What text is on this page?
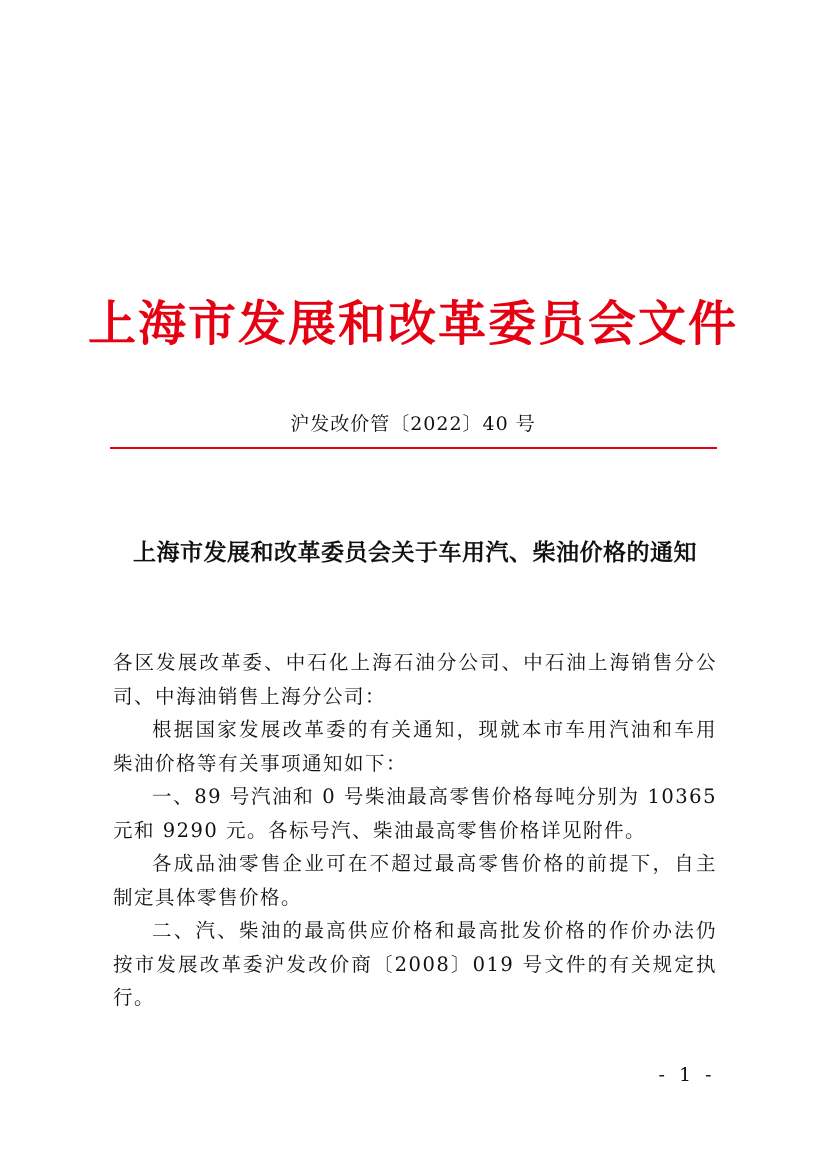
上海市发展和改革委员会文件
沪发改价管〔2022〕40 号
上海市发展和改革委员会关于车用汽、柴油价格的通知

各区发展改革委、中石化上海石油分公司、中石油上海销售分公司、中海油销售上海分公司：

根据国家发展改革委的有关通知，现就本市车用汽油和车用柴油价格等有关事项通知如下：

一、89 号汽油和 0 号柴油最高零售价格每吨分别为 10365 元和 9290 元。各标号汽、柴油最高零售价格详见附件。

各成品油零售企业可在不超过最高零售价格的前提下，自主制定具体零售价格。

二、汽、柴油的最高供应价格和最高批发价格的作价办法仍按市发展改革委沪发改价商〔2008〕019 号文件的有关规定执行。

- 1 -
